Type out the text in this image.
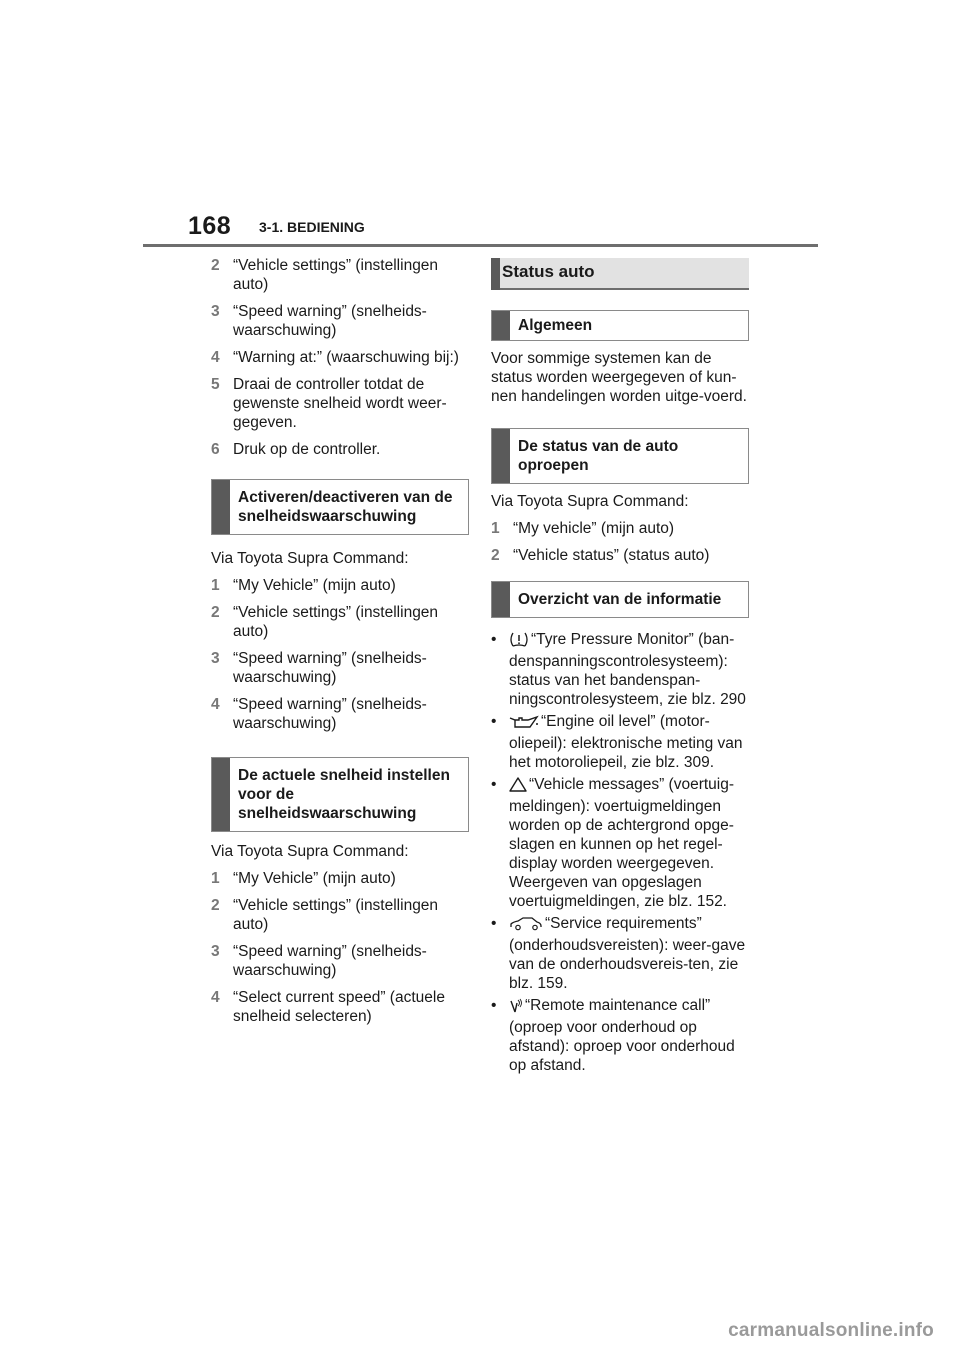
168 3-1. BEDIENING
2 “Vehicle settings” (instellingen auto)
3 “Speed warning” (snelheids-waarschuwing)
4 “Warning at:” (waarschuwing bij:)
5 Draai de controller totdat de gewenste snelheid wordt weer-gegeven.
6 Druk op de controller.
Activeren/deactiveren van de snelheidswaarschuwing
Via Toyota Supra Command:
1 “My Vehicle” (mijn auto)
2 “Vehicle settings” (instellingen auto)
3 “Speed warning” (snelheids-waarschuwing)
4 “Speed warning” (snelheids-waarschuwing)
De actuele snelheid instellen voor de snelheidswaarschuwing
Via Toyota Supra Command:
1 “My Vehicle” (mijn auto)
2 “Vehicle settings” (instellingen auto)
3 “Speed warning” (snelheids-waarschuwing)
4 “Select current speed” (actuele snelheid selecteren)
Status auto
Algemeen
Voor sommige systemen kan de status worden weergegeven of kun-nen handelingen worden uitge-voerd.
De status van de auto oproepen
Via Toyota Supra Command:
1 “My vehicle” (mijn auto)
2 “Vehicle status” (status auto)
Overzicht van de informatie
• “Tyre Pressure Monitor” (ban-denspanningscontrolesysteem): status van het bandenspan-ningscontrolesysteem, zie blz. 290
•	“Engine oil level” (motor-oliepeil): elektronische meting van het motoroliepeil, zie blz. 309.
• “Vehicle messages” (voertuig-meldingen): voertuigmeldingen worden op de achtergrond opge-slagen en kunnen op het regel-display worden weergegeven. Weergeven van opgeslagen voertuigmeldingen, zie blz. 152.
•	“Service requirements” (onderhoudsvereisten): weer-gave van de onderhoudsvereis-ten, zie blz. 159.
• “Remote maintenance call” (oproep voor onderhoud op afstand): oproep voor onderhoud op afstand.
carmanualsonline.info
